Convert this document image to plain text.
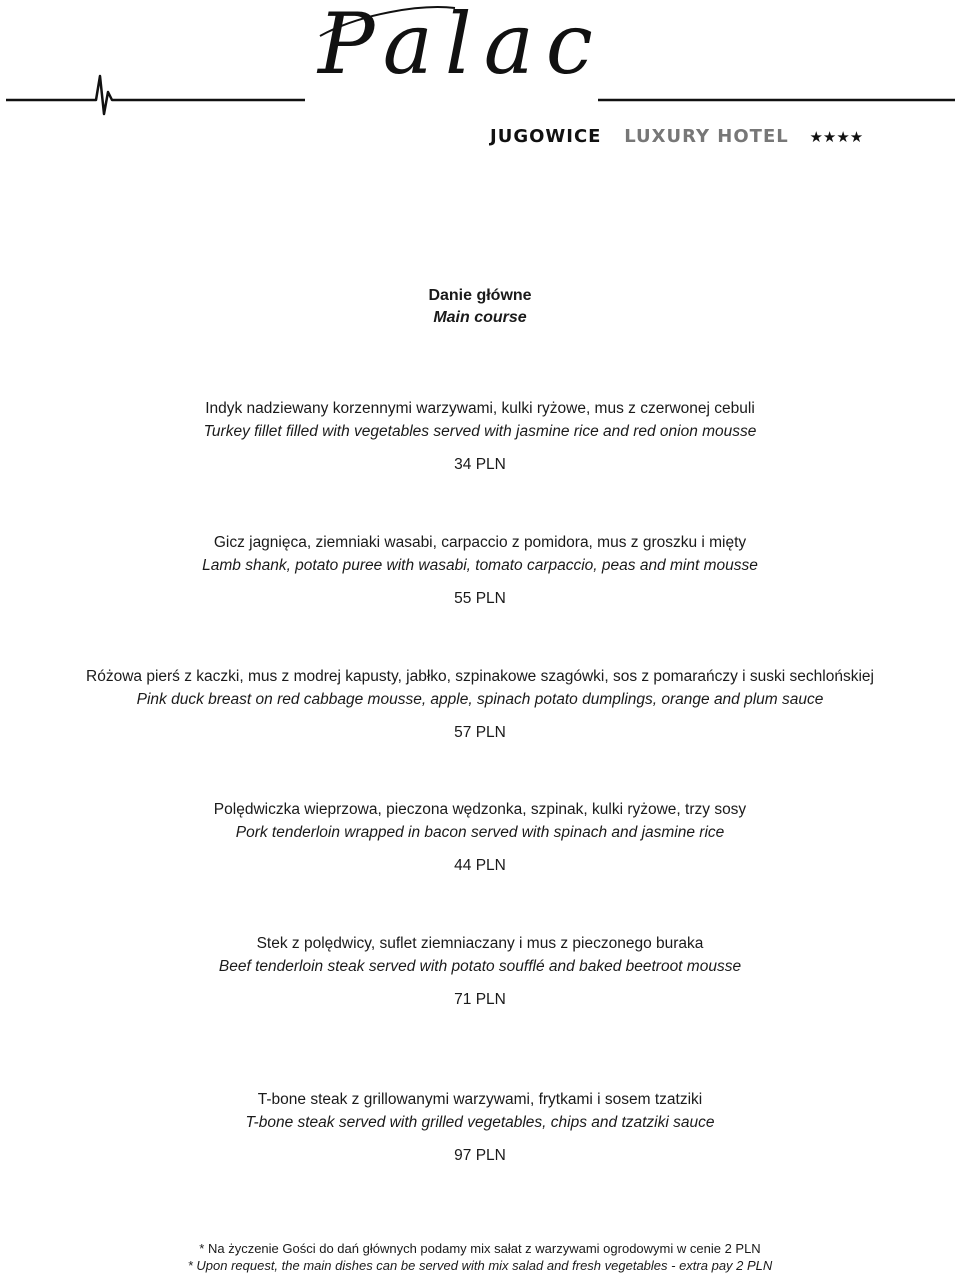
Palac
JUGOWICE LUXURY HOTEL ★★★★
Danie główne
Main course
Indyk nadziewany korzennymi warzywami, kulki ryżowe, mus z czerwonej cebuli
Turkey fillet filled with vegetables served with jasmine rice and red onion mousse
34 PLN
Gicz jagnięca, ziemniaki wasabi, carpaccio z pomidora, mus z groszku i mięty
Lamb shank, potato puree with wasabi, tomato carpaccio, peas and mint mousse
55 PLN
Różowa pierś z kaczki, mus z modrej kapusty, jabłko, szpinakowe szagówki, sos z pomarańczy i suski sechlońskiej
Pink duck breast on red cabbage mousse, apple, spinach potato dumplings, orange and plum sauce
57 PLN
Polędwiczka wieprzowa, pieczona wędzonka, szpinak, kulki ryżowe, trzy sosy
Pork tenderloin wrapped in bacon served with spinach and jasmine rice
44 PLN
Stek z polędwicy, suflet ziemniaczany i mus z pieczonego buraka
Beef tenderloin steak served with potato soufflé and baked beetroot mousse
71 PLN
T-bone steak z grillowanymi warzywami, frytkami i sosem tzatziki
T-bone steak served with grilled vegetables, chips and tzatziki sauce
97 PLN
* Na życzenie Gości do dań głównych podamy mix sałat z warzywami ogrodowymi w cenie 2 PLN
* Upon request, the main dishes can be served with mix salad and fresh vegetables - extra pay 2 PLN
